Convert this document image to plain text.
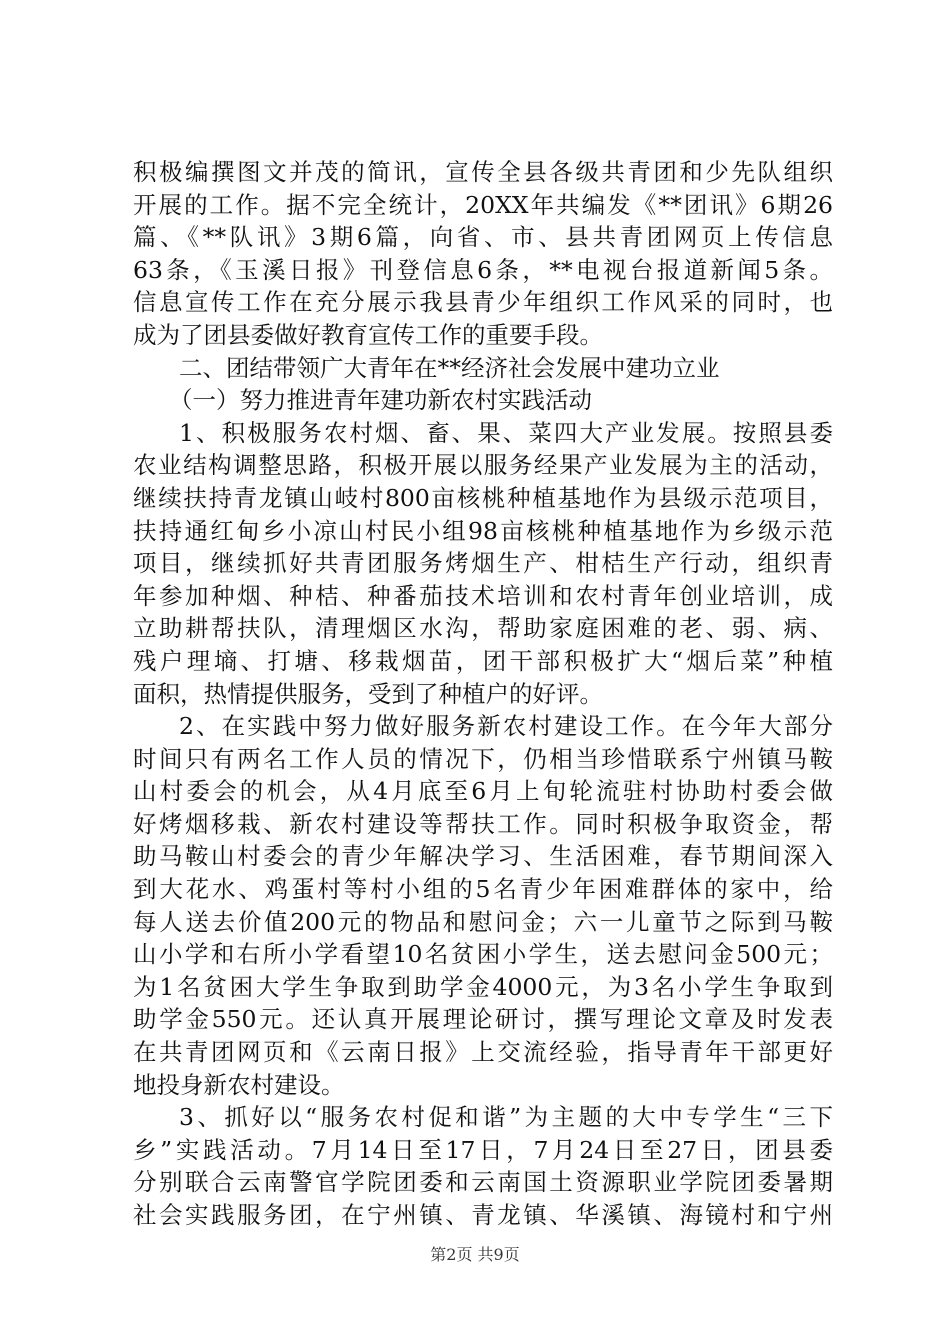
积极编撰图文并茂的简讯，宣传全县各级共青团和少先队组织
开展的工作。据不完全统计，20XX年共编发《**团讯》6期26
篇、《**队讯》3期6篇，向省、市、县共青团网页上传信息
63条，《玉溪日报》刊登信息6条，**电视台报道新闻5条。
信息宣传工作在充分展示我县青少年组织工作风采的同时，也
成为了团县委做好教育宣传工作的重要手段。
二、团结带领广大青年在**经济社会发展中建功立业
（一）努力推进青年建功新农村实践活动
1、积极服务农村烟、畜、果、菜四大产业发展。按照县委
农业结构调整思路，积极开展以服务经果产业发展为主的活动，
继续扶持青龙镇山岐村800亩核桃种植基地作为县级示范项目，
扶持通红甸乡小凉山村民小组98亩核桃种植基地作为乡级示范
项目，继续抓好共青团服务烤烟生产、柑桔生产行动，组织青
年参加种烟、种桔、种番茄技术培训和农村青年创业培训，成
立助耕帮扶队，清理烟区水沟，帮助家庭困难的老、弱、病、
残户理墒、打塘、移栽烟苗，团干部积极扩大“烟后菜”种植
面积，热情提供服务，受到了种植户的好评。
2、在实践中努力做好服务新农村建设工作。在今年大部分
时间只有两名工作人员的情况下，仍相当珍惜联系宁州镇马鞍
山村委会的机会，从4月底至6月上旬轮流驻村协助村委会做
好烤烟移栽、新农村建设等帮扶工作。同时积极争取资金，帮
助马鞍山村委会的青少年解决学习、生活困难，春节期间深入
到大花水、鸡蛋村等村小组的5名青少年困难群体的家中，给
每人送去价值200元的物品和慰问金；六一儿童节之际到马鞍
山小学和右所小学看望10名贫困小学生，送去慰问金500元；
为1名贫困大学生争取到助学金4000元，为3名小学生争取到
助学金550元。还认真开展理论研讨，撰写理论文章及时发表
在共青团网页和《云南日报》上交流经验，指导青年干部更好
地投身新农村建设。
3、抓好以“服务农村促和谐”为主题的大中专学生“三下
乡”实践活动。7月14日至17日，7月24日至27日，团县委
分别联合云南警官学院团委和云南国土资源职业学院团委暑期
社会实践服务团，在宁州镇、青龙镇、华溪镇、海镜村和宁州
第2页 共9页
